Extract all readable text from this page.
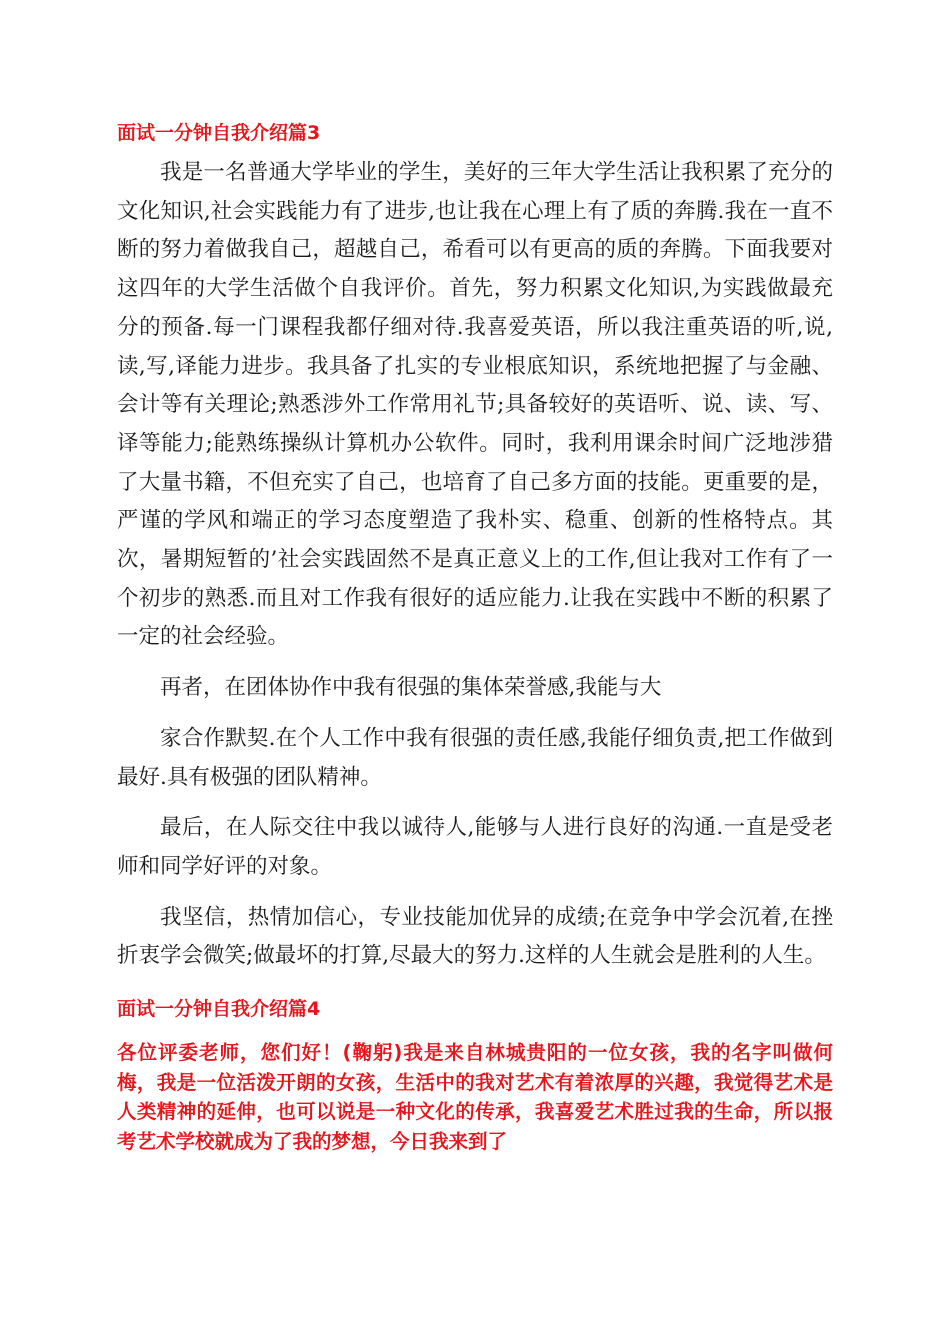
面试一分钟自我介绍篇3

我是一名普通大学毕业的学生，美好的三年大学生活让我积累了充分的文化知识,社会实践能力有了进步,也让我在心理上有了质的奔腾.我在一直不断的努力着做我自己，超越自己，希看可以有更高的质的奔腾。下面我要对这四年的大学生活做个自我评价。首先，努力积累文化知识,为实践做最充分的预备.每一门课程我都仔细对待.我喜爱英语，所以我注重英语的听,说,读,写,译能力进步。我具备了扎实的专业根底知识，系统地把握了与金融、会计等有关理论;熟悉涉外工作常用礼节;具备较好的英语听、说、读、写、译等能力;能熟练操纵计算机办公软件。同时，我利用课余时间广泛地涉猎了大量书籍，不但充实了自己，也培育了自己多方面的技能。更重要的是，严谨的学风和端正的学习态度塑造了我朴实、稳重、创新的性格特点。其次，暑期短暂的’社会实践固然不是真正意义上的工作,但让我对工作有了一个初步的熟悉.而且对工作我有很好的适应能力.让我在实践中不断的积累了一定的社会经验。

再者，在团体协作中我有很强的集体荣誉感,我能与大

家合作默契.在个人工作中我有很强的责任感,我能仔细负责,把工作做到最好.具有极强的团队精神。

最后，在人际交往中我以诚待人,能够与人进行良好的沟通.一直是受老师和同学好评的对象。

我坚信，热情加信心，专业技能加优异的成绩;在竞争中学会沉着,在挫折衷学会微笑;做最坏的打算,尽最大的努力.这样的人生就会是胜利的人生。

面试一分钟自我介绍篇4

各位评委老师，您们好！(鞠躬)我是来自林城贵阳的一位女孩，我的名字叫做何梅，我是一位活泼开朗的女孩，生活中的我对艺术有着浓厚的兴趣，我觉得艺术是人类精神的延伸，也可以说是一种文化的传承，我喜爱艺术胜过我的生命，所以报考艺术学校就成为了我的梦想，今日我来到了
